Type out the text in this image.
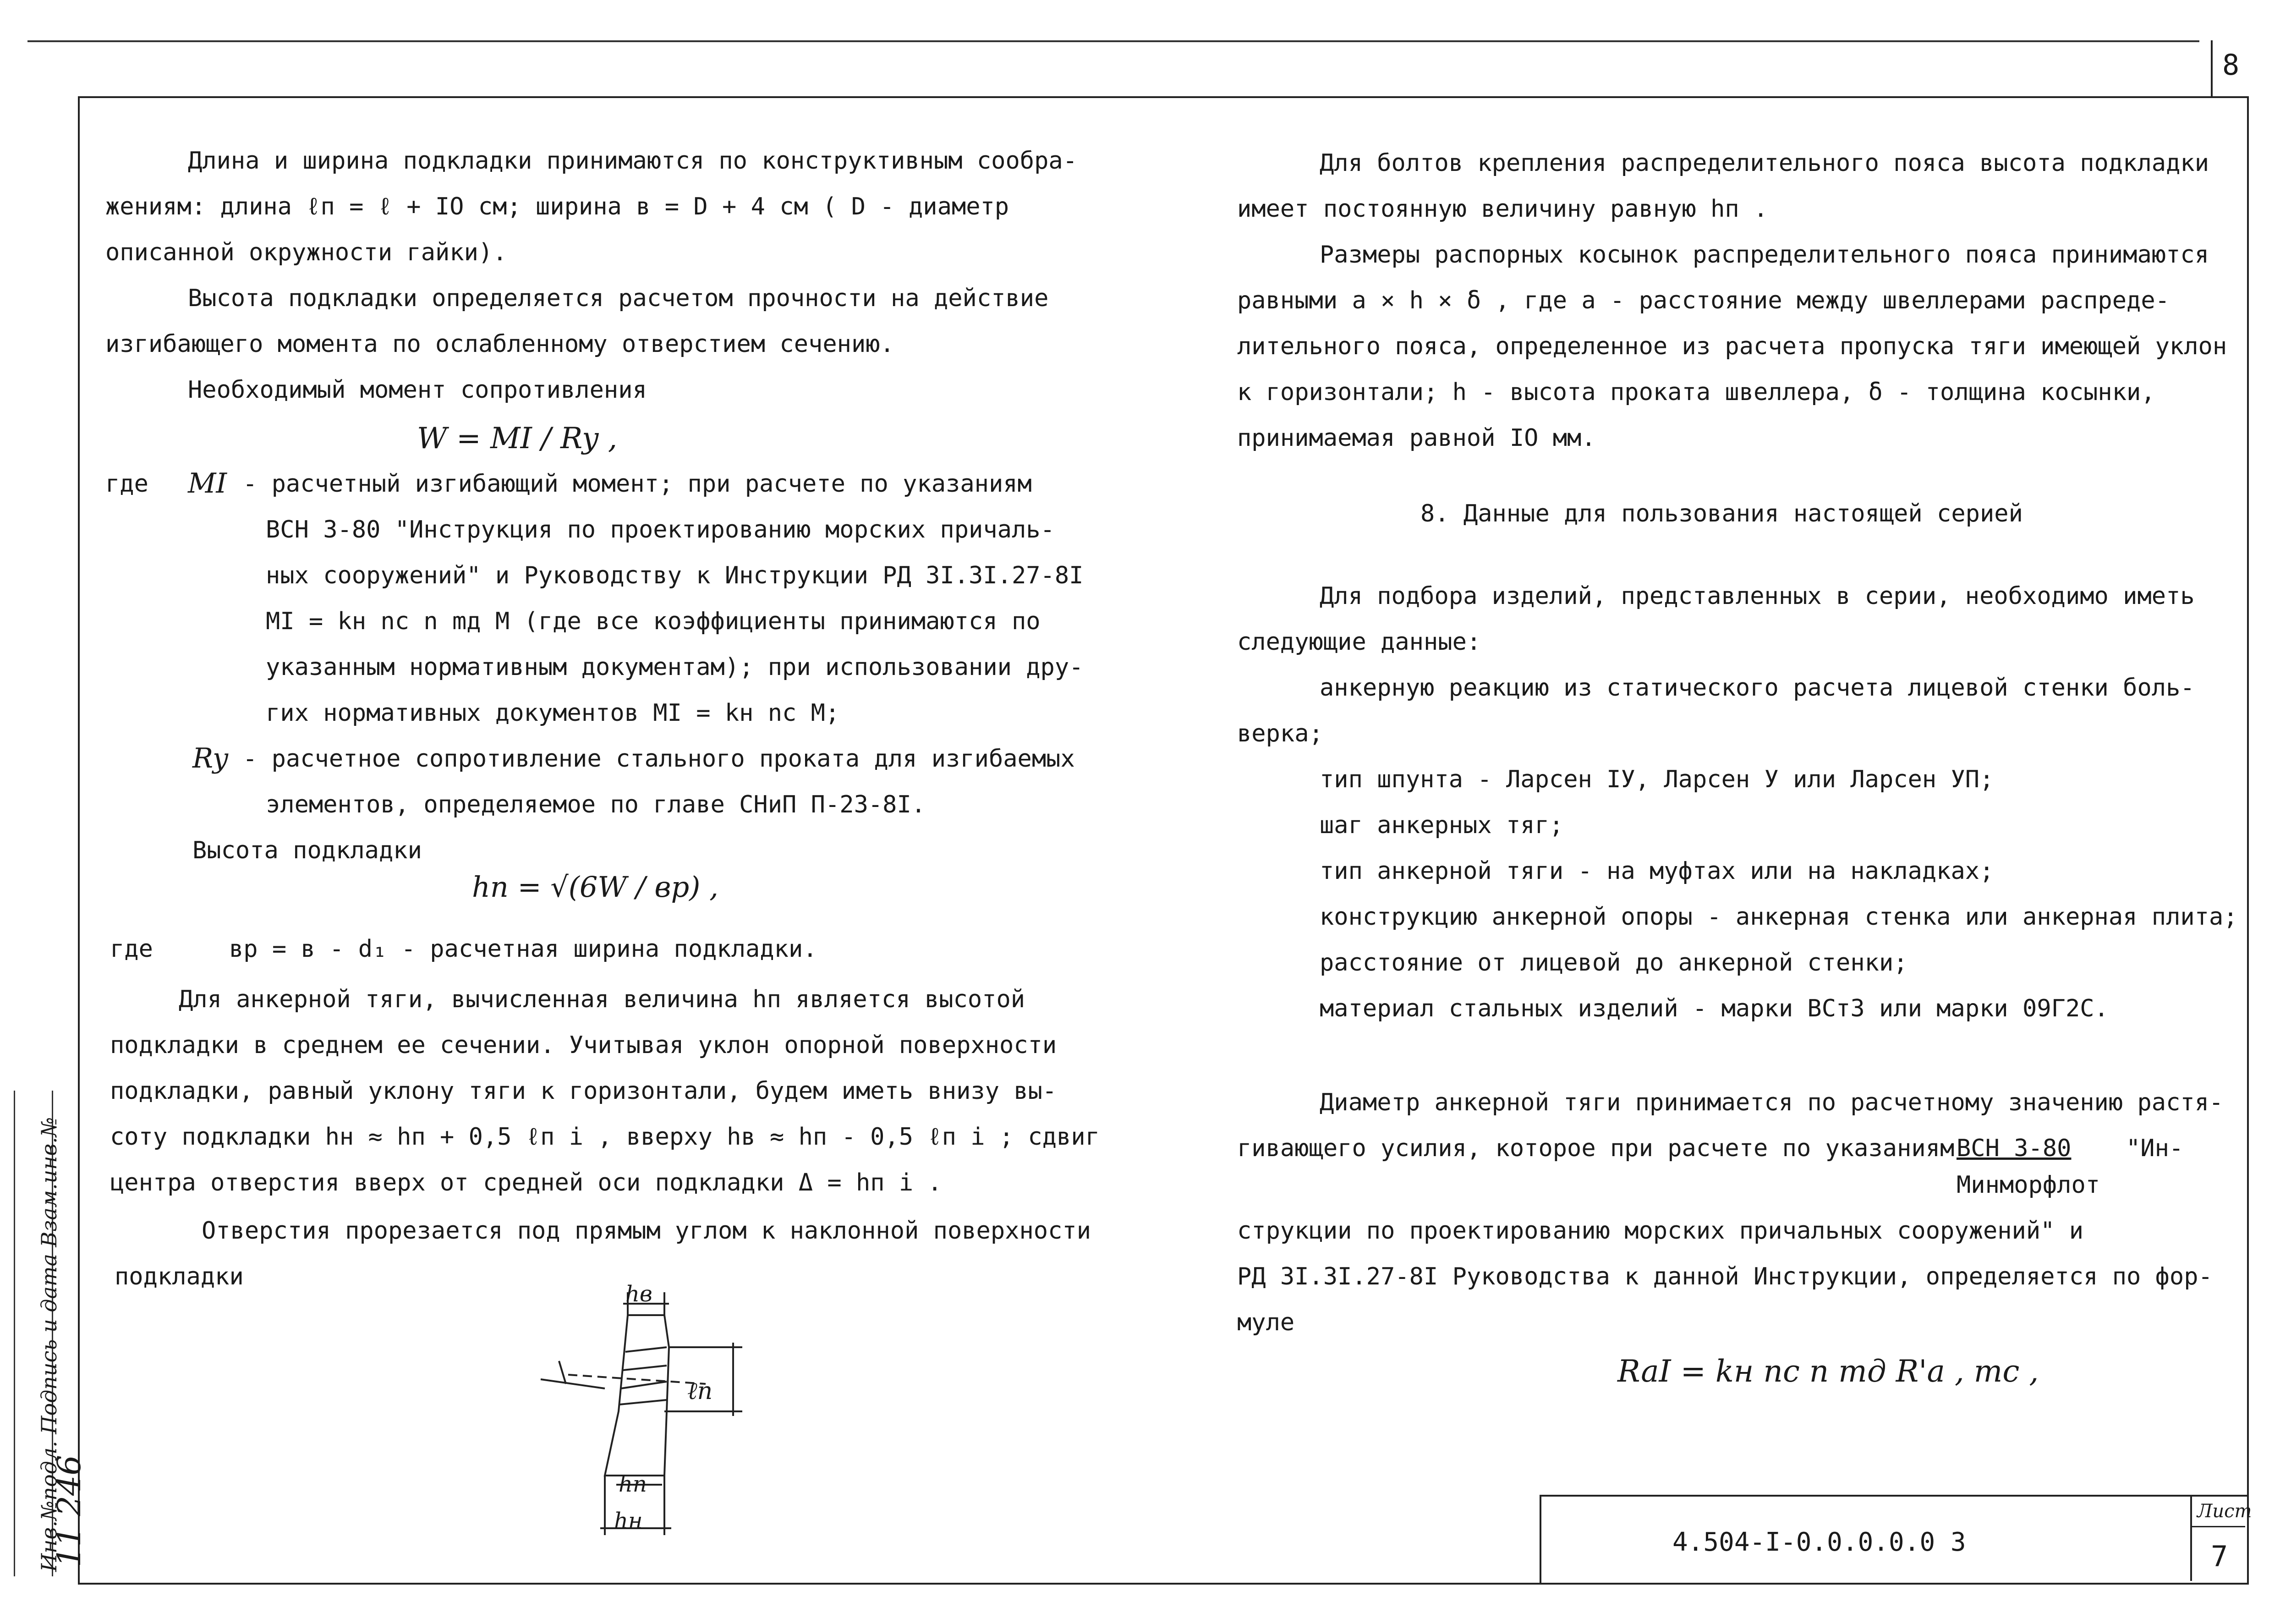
8
Длина и ширина подкладки принимаются по конструктивным сообра-
жениям: длина ℓп = ℓ + IO см; ширина в = D + 4 см ( D - диаметр
описанной окружности гайки).
Высота подкладки определяется расчетом прочности на действие
изгибающего момента по ослабленному отверстием сечению.
Необходимый момент сопротивления
W = MI / Ry ,
где MI - расчетный изгибающий момент; при расчете по указаниям
ВСН 3-80 "Инструкция по проектированию морских причаль-
ных сооружений" и Руководству к Инструкции РД 3I.3I.27-8I
MI = kн nс n mд M (где все коэффициенты принимаются по
указанным нормативным документам); при использовании дру-
гих нормативных документов MI = kн nс M;
Ry - расчетное сопротивление стального проката для изгибаемых
элементов, определяемое по главе СНиП П-23-8I.
Высота подкладки
hп = √(6W / вр) ,
где	вр = в - d₁ - расчетная ширина подкладки.
Для анкерной тяги, вычисленная величина hп является высотой
подкладки в среднем ее сечении. Учитывая уклон опорной поверхности
подкладки, равный уклону тяги к горизонтали, будем иметь внизу вы-
соту подкладки hн ≈ hп + 0,5 ℓп i , вверху hв ≈ hп - 0,5 ℓп i ; сдвиг
центра отверстия вверх от средней оси подкладки Δ = hп i .
Отверстия прорезается под прямым углом к наклонной поверхности
подкладки
hв
ℓп
hп
hн
Для болтов крепления распределительного пояса высота подкладки
имеет постоянную величину равную hп .
Размеры распорных косынок распределительного пояса принимаются
равными a × h × δ , где a - расстояние между швеллерами распреде-
лительного пояса, определенное из расчета пропуска тяги имеющей уклон
к горизонтали; h - высота проката швеллера, δ - толщина косынки,
принимаемая равной IO мм.
8. Данные для пользования настоящей серией
Для подбора изделий, представленных в серии, необходимо иметь
следующие данные:
анкерную реакцию из статического расчета лицевой стенки боль-
верка;
тип шпунта - Ларсен IУ, Ларсен У или Ларсен УП;
шаг анкерных тяг;
тип анкерной тяги - на муфтах или на накладках;
конструкцию анкерной опоры - анкерная стенка или анкерная плита;
расстояние от лицевой до анкерной стенки;
материал стальных изделий - марки ВСт3 или марки 09Г2С.
Диаметр анкерной тяги принимается по расчетному значению растя-
гивающего усилия, которое при расчете по указаниям ВСН 3-80 "Ин-
Минморфлот
струкции по проектированию морских причальных сооружений" и
РД 3I.3I.27-8I Руководства к данной Инструкции, определяется по фор-
муле
RaI = kн nс n mд R'a , тс ,
4.504-I-0.0.0.0.0 3
Лист
7
Инв.№подл. Подпись и дата Взам.инв.№
11 246
